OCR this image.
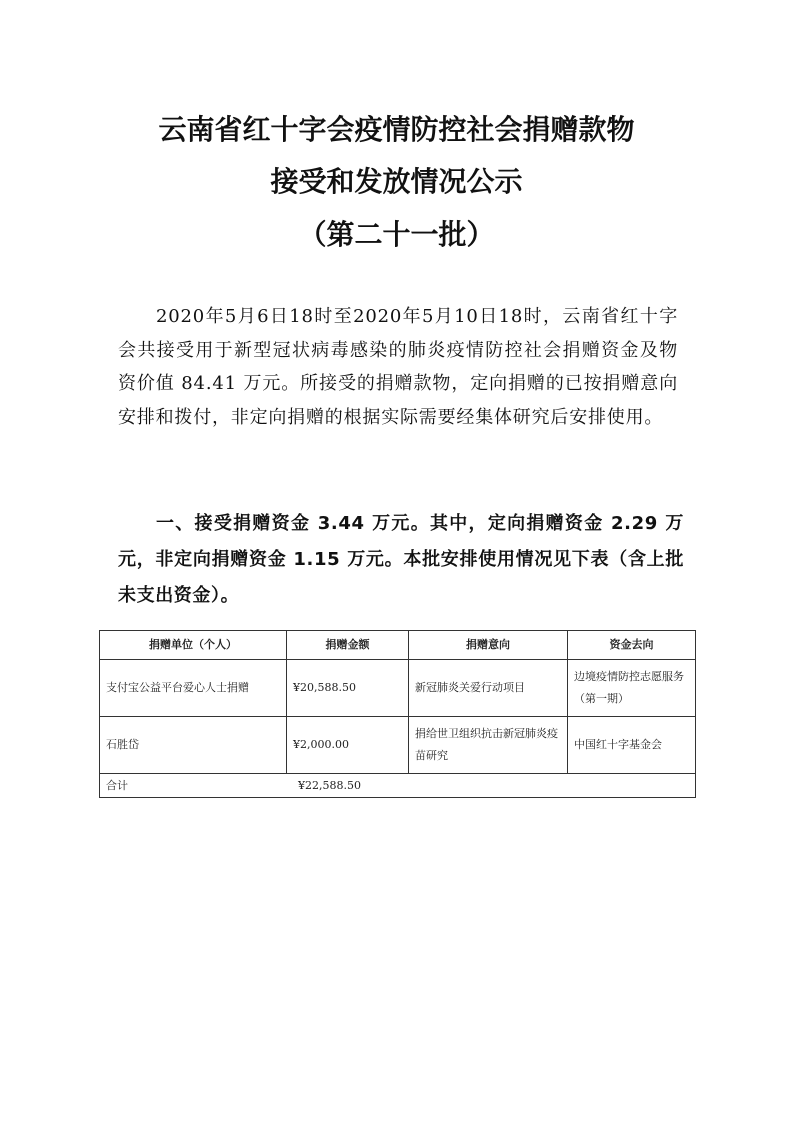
云南省红十字会疫情防控社会捐赠款物
接受和发放情况公示
（第二十一批）

2020年5月6日18时至2020年5月10日18时，云南省红十字会共接受用于新型冠状病毒感染的肺炎疫情防控社会捐赠资金及物资价值 84.41 万元。所接受的捐赠款物，定向捐赠的已按捐赠意向安排和拨付，非定向捐赠的根据实际需要经集体研究后安排使用。

一、接受捐赠资金 3.44 万元。其中，定向捐赠资金 2.29 万元，非定向捐赠资金 1.15 万元。本批安排使用情况见下表（含上批未支出资金）。

捐赠单位（个人）	捐赠金额	捐赠意向	资金去向
支付宝公益平台爱心人士捐赠	¥20,588.50	新冠肺炎关爱行动项目	边境疫情防控志愿服务（第一期）
石胜岱	¥2,000.00	捐给世卫组织抗击新冠肺炎疫苗研究	中国红十字基金会
合计 ¥22,588.50			
